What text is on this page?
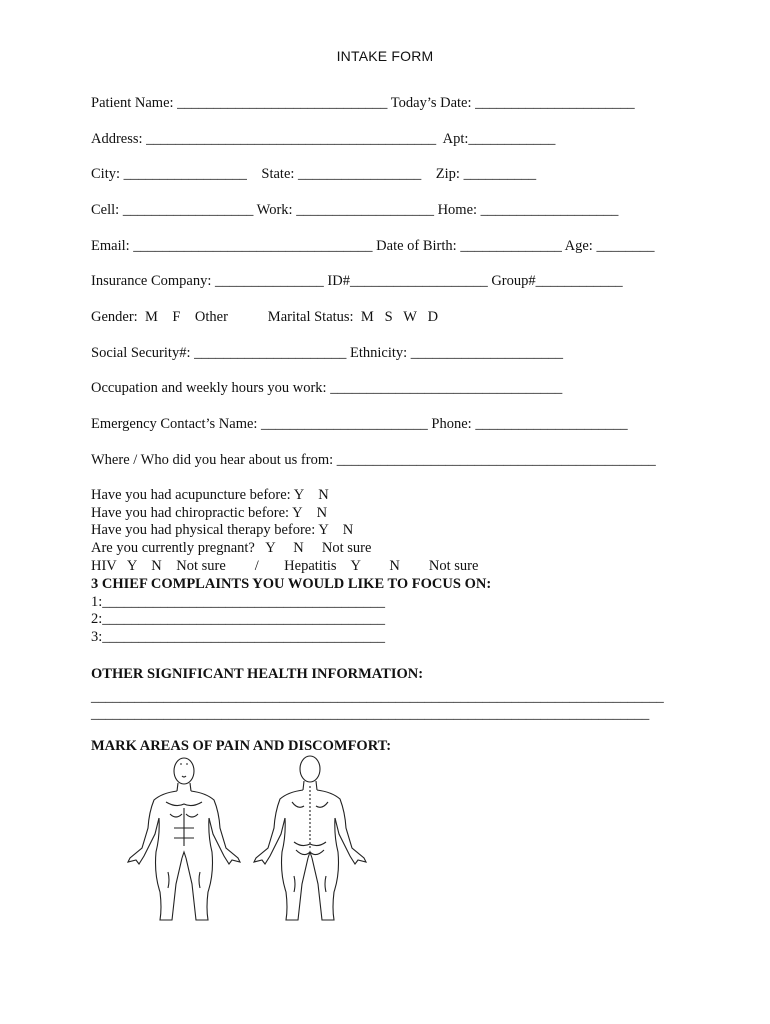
INTAKE FORM
Patient Name: _____________________________ Today’s Date: ______________________
Address: ________________________________________  Apt:____________
City: _________________    State: _________________    Zip: __________
Cell: __________________ Work: ___________________ Home: ___________________
Email: _________________________________ Date of Birth: ______________ Age: ________
Insurance Company: _______________ ID#___________________ Group#____________
Gender:  M    F    Other           Marital Status:  M   S   W   D
Social Security#: _____________________ Ethnicity: _____________________
Occupation and weekly hours you work: ________________________________
Emergency Contact’s Name: _______________________ Phone: _____________________
Where / Who did you hear about us from: ____________________________________________
Have you had acupuncture before: Y    N
Have you had chiropractic before: Y    N
Have you had physical therapy before: Y    N
Are you currently pregnant?   Y     N     Not sure
HIV   Y    N    Not sure        /       Hepatitis    Y        N        Not sure
3 CHIEF COMPLAINTS YOU WOULD LIKE TO FOCUS ON:
1:_______________________________________
2:_______________________________________
3:_______________________________________
OTHER SIGNIFICANT HEALTH INFORMATION:
_______________________________________________________________________________
_____________________________________________________________________________
MARK AREAS OF PAIN AND DISCOMFORT:
